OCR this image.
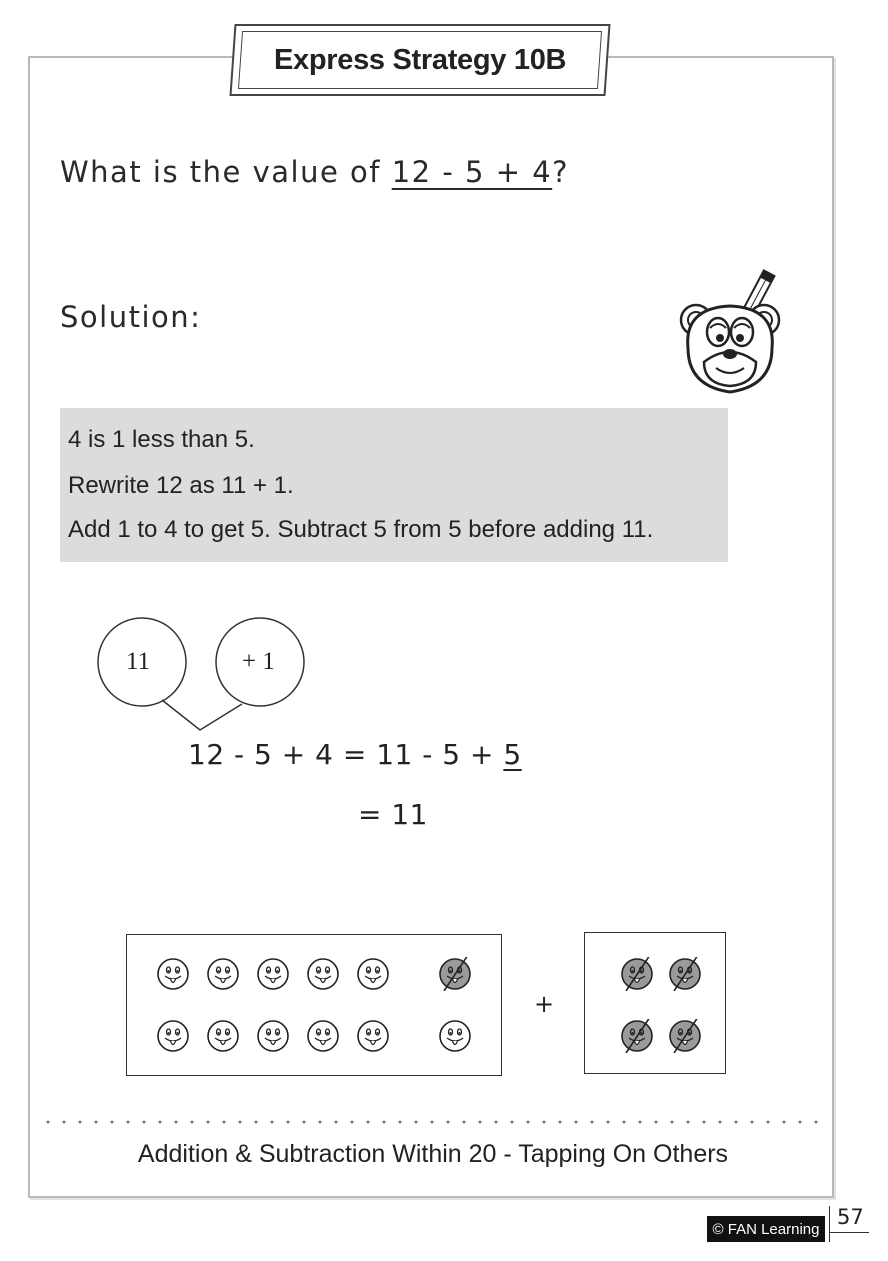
Express Strategy 10B
What is the value of 12 - 5 + 4?
Solution:
4 is 1 less than 5.
Rewrite 12 as 11 + 1.
Add 1 to 4 to get 5. Subtract 5 from 5 before adding 11.
11	+ 1
12 - 5 + 4 = 11 - 5 + 5
= 11
+
Addition & Subtraction Within 20 - Tapping On Others
© FAN Learning 57
